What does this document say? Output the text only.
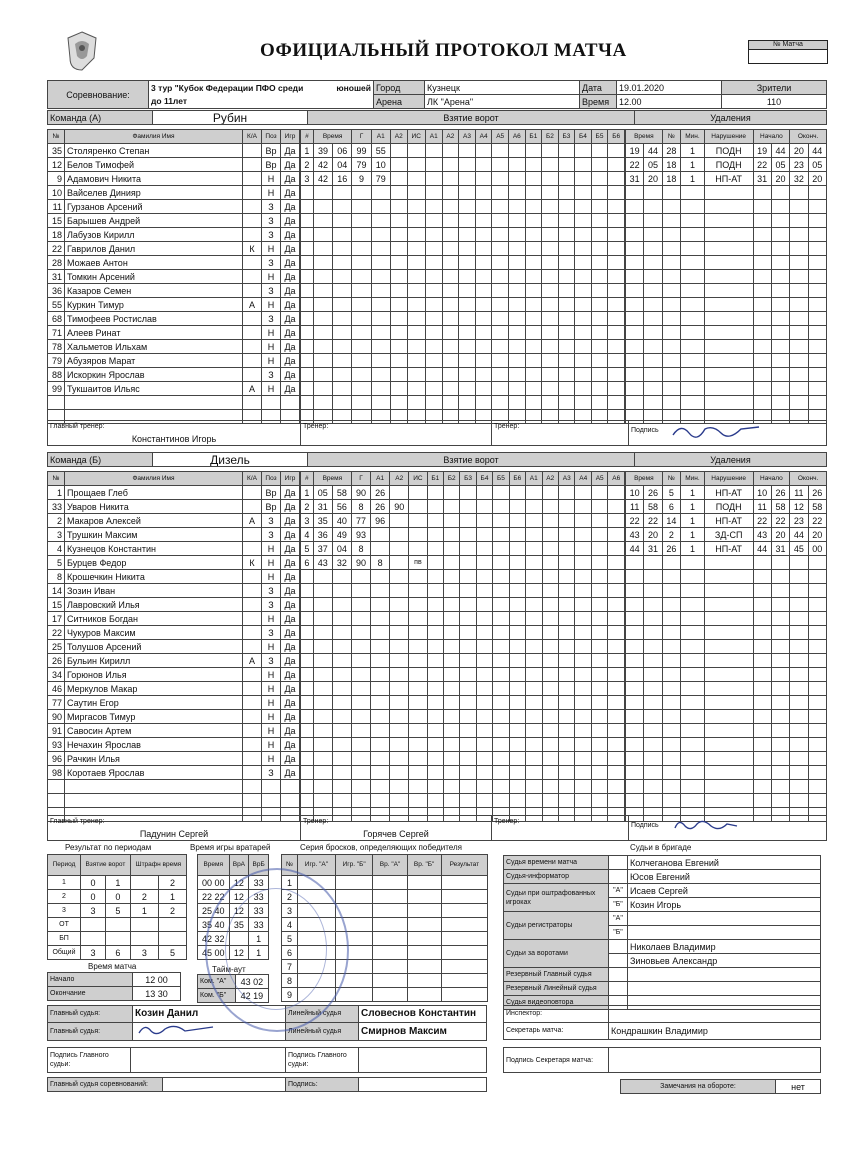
ОФИЦИАЛЬНЫЙ ПРОТОКОЛ МАТЧА	№ Матча
Соревнование:	3 тур "Кубок Федерации ПФО среди юношей	Город	Кузнецк	Дата	19.01.2020	Зрители
	до 11лет	Арена	ЛК "Арена"	Время	12.00	110
Команда (А)	Рубин	Взятие ворот	Удаления
№	Фамилия Имя	К/А	Поз	Игр
35	Столяренко Степан		Вр	Да
12	Белов Тимофей		Вр	Да
9	Адамович Никита		Н	Да
10	Вайселев Динияр		Н	Да
11	Гурзанов Арсений		З	Да
15	Барышев Андрей		З	Да
18	Лабузов Кирилл		З	Да
22	Гаврилов Данил	К	Н	Да
28	Можаев Антон		З	Да
31	Томкин Арсений		Н	Да
36	Казаров Семен		З	Да
55	Куркин Тимур	А	Н	Да
68	Тимофеев Ростислав		З	Да
71	Алеев Ринат		Н	Да
78	Хальметов Ильхам		Н	Да
79	Абузяров Марат		Н	Да
88	Искоркин Ярослав		З	Да
99	Тукшаитов Ильяс	А	Н	Да

#	Время		Г	А1	А2	ИС	А1	А2	А3	А4	А5	А6	Б1	Б2	Б3	Б4	Б5	Б6
1	39	06	99	55														
2	42	04	79	10														
3	42	16	9	79														

Время		№	Мин.	Нарушение	Начало		Оконч.	
19	44	28	1	ПОДН	19	44	20	44
22	05	18	1	ПОДН	22	05	23	05
31	20	18	1	НП-АТ	31	20	32	20

Главный тренер:
Константинов Игорь
	Тренер:	Тренер:	Подпись
Команда (Б)	Дизель	Взятие ворот	Удаления
№	Фамилия Имя	К/А	Поз	Игр
1	Прощаев Глеб		Вр	Да
33	Уваров Никита		Вр	Да
2	Макаров Алексей	А	З	Да
3	Трушкин Максим		З	Да
4	Кузнецов Константин		Н	Да
5	Бурцев Федор	К	Н	Да
8	Крошечкин Никита		Н	Да
14	Зозин Иван		З	Да
15	Лавровский Илья		З	Да
17	Ситников Богдан		Н	Да
22	Чукуров Максим		З	Да
25	Толушов Арсений		Н	Да
26	Бульин Кирилл	А	З	Да
34	Горюнов Илья		Н	Да
46	Меркулов Макар		Н	Да
77	Саутин Егор		Н	Да
90	Миргасов Тимур		Н	Да
91	Савосин Артем		Н	Да
93	Нечахин Ярослав		Н	Да
96	Рачкин Илья		Н	Да
98	Коротаев Ярослав		З	Да

#	Время		Г	А1	А2	ИС	Б1	Б2	Б3	Б4	Б5	Б6	А1	А2	А3	А4	А5	А6
1	05	58	90	26														
2	31	56	8	26	90													
3	35	40	77	96														
4	36	49	93															
5	37	04	8															
6	43	32	90	8		пв												

Время		№	Мин.	Нарушение	Начало		Оконч.	
10	26	5	1	НП-АТ	10	26	11	26
11	58	6	1	ПОДН	11	58	12	58
22	22	14	1	НП-АТ	22	22	23	22
43	20	2	1	ЗД-СП	43	20	44	20
44	31	26	1	НП-АТ	44	31	45	00

Главный тренер:
Падунин Сергей

Тренер:
Горячев Сергей
	Тренер:	Подпись
Результат по периодам	Время игры вратарей	Серия бросков, определяющих победителя	Судьи в бригаде
Период	Взятие ворот		Штрафн время	
1	0	1		2
2	0	0	2	1
3	3	5	1	2
ОТ				
БП				
Общий	3	6	3	5
Время	ВрА	ВрБ
00 00	12	33
22 22	12	33
25 40	12	33
35 40	35	33
42 32		1
45 00	12	1
№	Игр. "А"	Игр. "Б"	Вр. "А"	Вр. "Б"	Результат
1					
2					
3					
4					
5					
6					
7					
8					
9					
Время матча
Начало	12 00
Окончание	13 30
Тайм-аут
Ком. "А"	43 02
Ком. "Б"	42 19
Судья времени матча		Колчеганова Евгений
Судья-информатор		Юсов Евгений
Судьи при оштрафованных игроках	"А"	Исаев Сергей
	"Б"	Козин Игорь
Судьи регистраторы	"А"	
	"Б"	
Судьи за воротами		Николаев Владимир
		Зиновьев Александр
Резервный Главный судья		
Резервный Линейный судья		
Судья видеоповтора		
Главный судья:	Козин Данил	Линейный судья	Словеснов Константин
Главный судья:		Линейный судья	Смирнов Максим
Подпись Главного судьи:		Подпись Главного судьи:	
Главный судья соревнований:		Подпись:	
Инспектор:	
Секретарь матча:	Кондрашкин Владимир
Подпись Секретаря матча:	
Замечания на обороте:	нет
